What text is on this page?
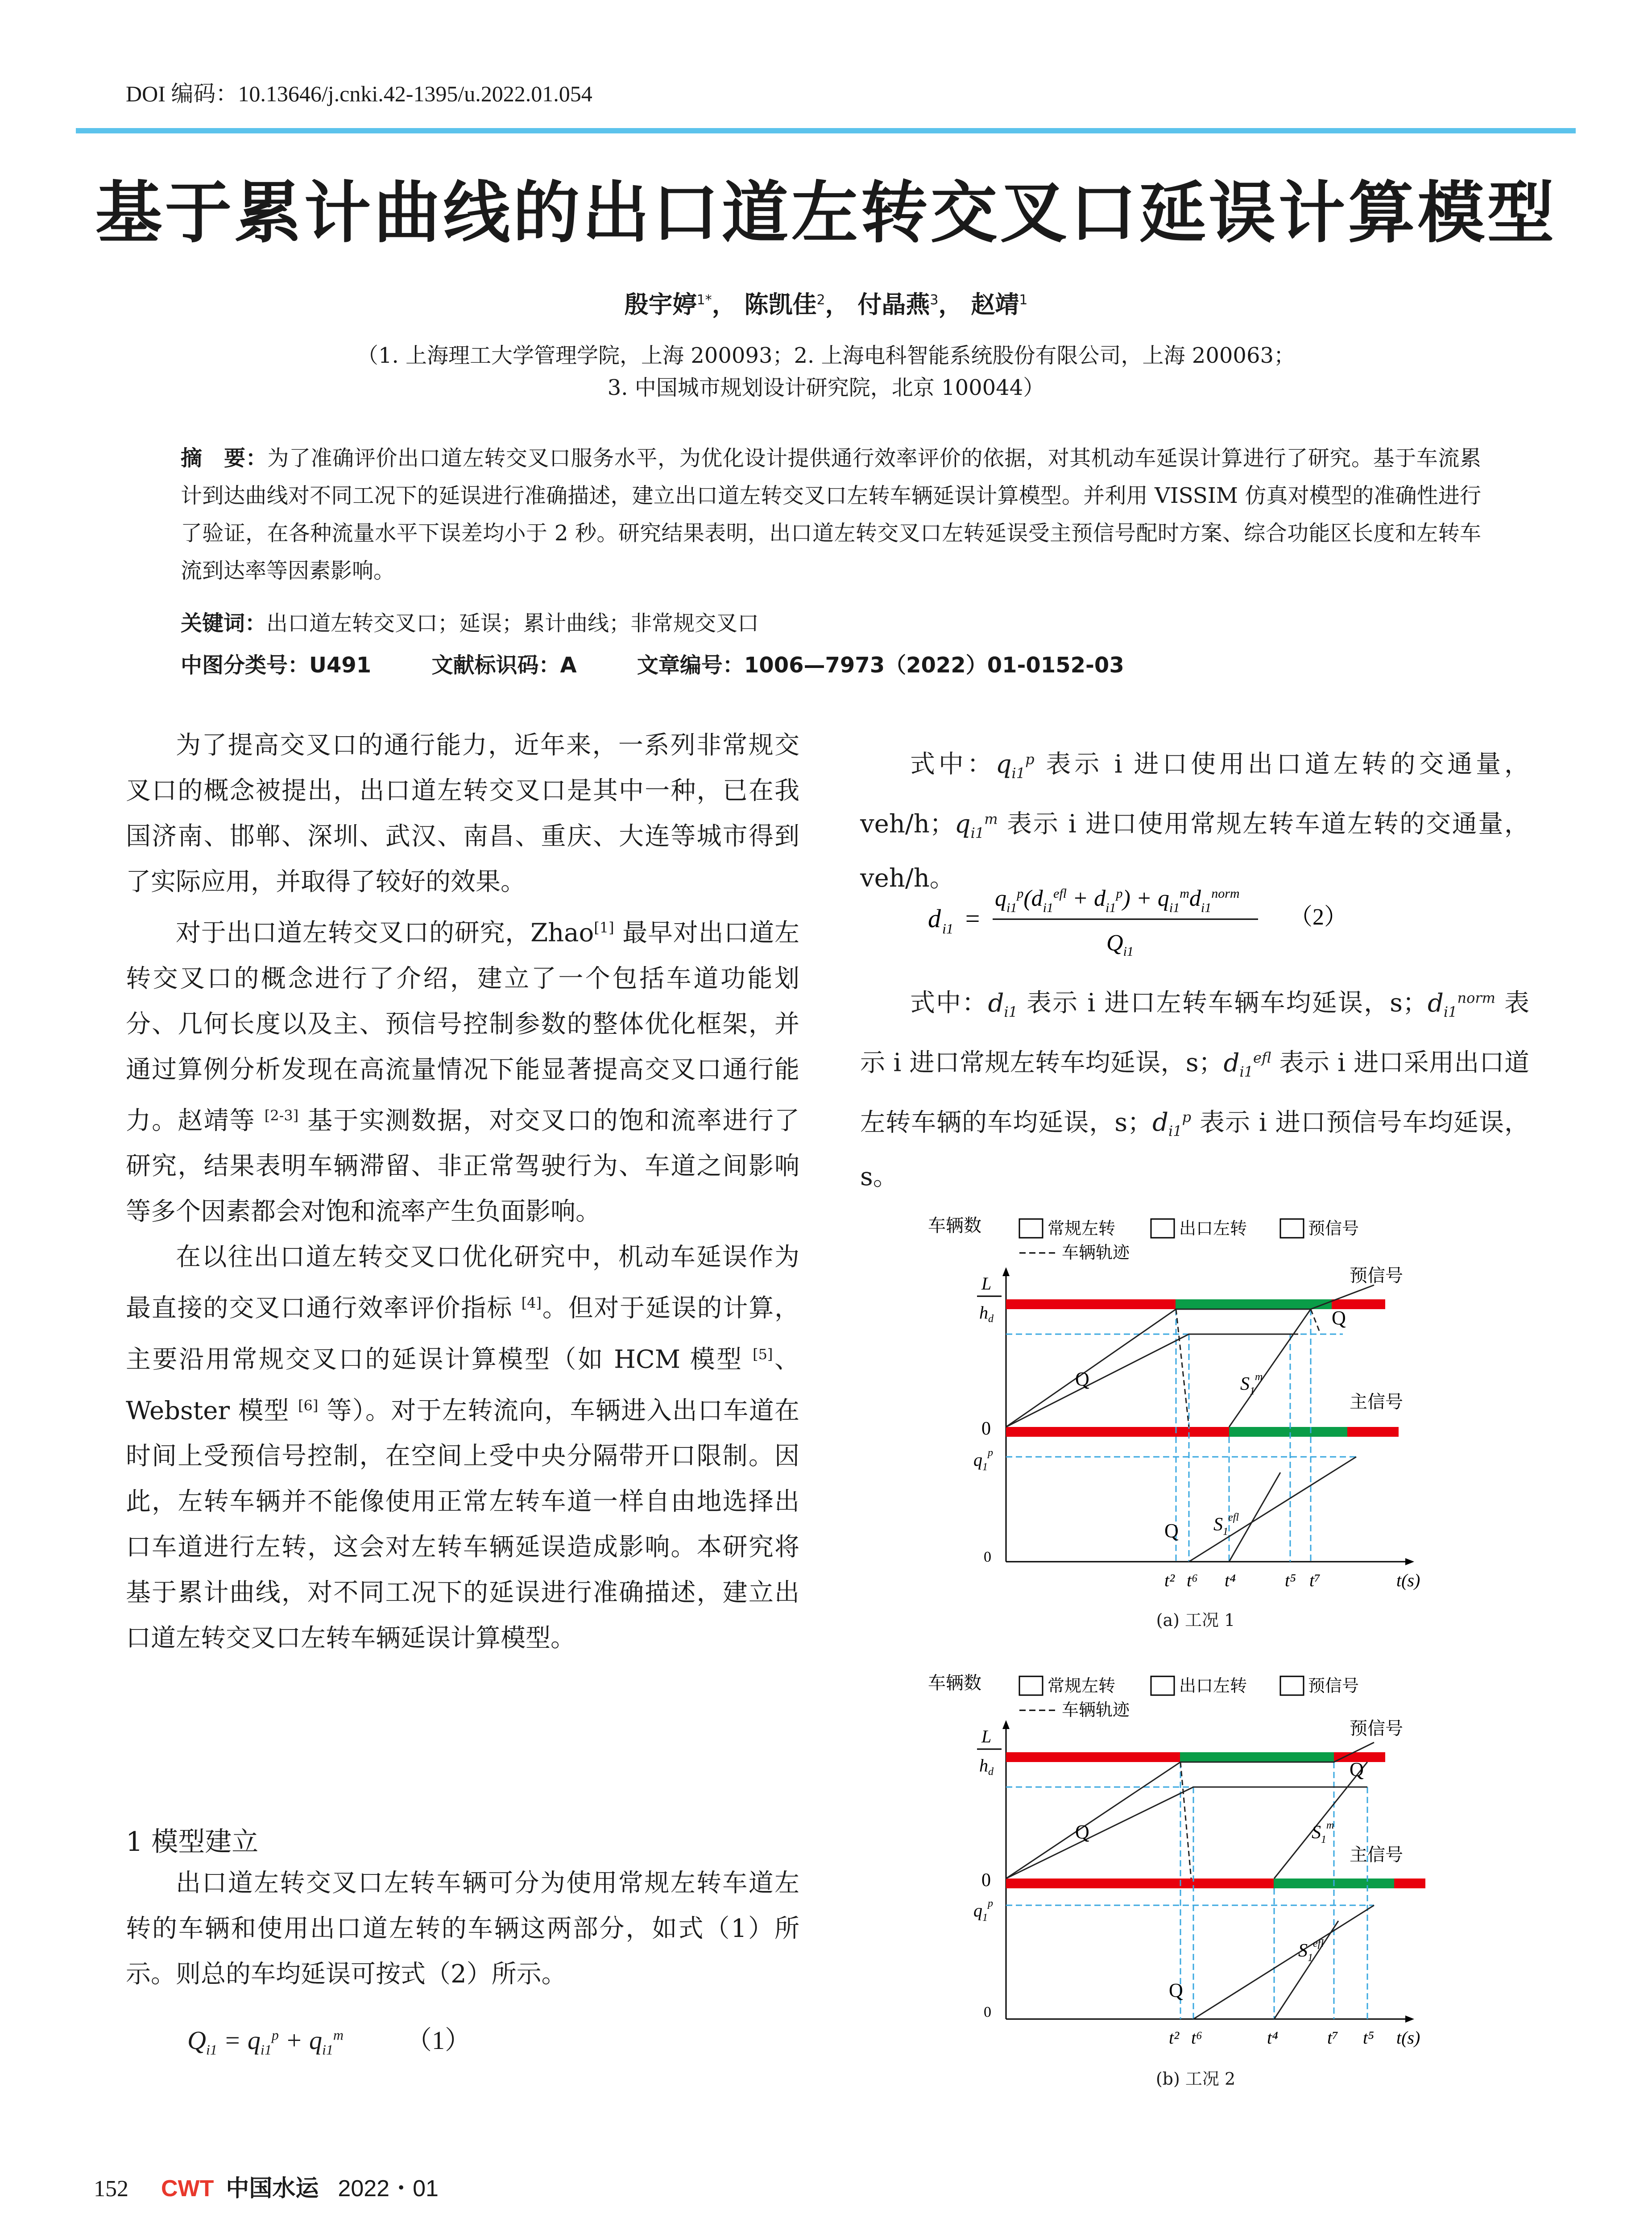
DOI 编码：10.13646/j.cnki.42-1395/u.2022.01.054
基于累计曲线的出口道左转交叉口延误计算模型
殷宇婷$^{1*}$， 陈凯佳$^2$， 付晶燕$^3$， 赵靖$^1$
（1. 上海理工大学管理学院，上海 200093；2. 上海电科智能系统股份有限公司，上海 200063；
3. 中国城市规划设计研究院，北京 100044）
摘　要：为了准确评价出口道左转交叉口服务水平，为优化设计提供通行效率评价的依据，对其机动车延误计算进行了研究。基于车流累计到达曲线对不同工况下的延误进行准确描述，建立出口道左转交叉口左转车辆延误计算模型。并利用 VISSIM 仿真对模型的准确性进行了验证，在各种流量水平下误差均小于 2 秒。研究结果表明，出口道左转交叉口左转延误受主预信号配时方案、综合功能区长度和左转车流到达率等因素影响。
关键词：出口道左转交叉口；延误；累计曲线；非常规交叉口
中图分类号：U491	文献标识码：A	文章编号：1006—7973（2022）01-0152-03

为了提高交叉口的通行能力，近年来，一系列非常规交叉口的概念被提出，出口道左转交叉口是其中一种，已在我国济南、邯郸、深圳、武汉、南昌、重庆、大连等城市得到了实际应用，并取得了较好的效果。

对于出口道左转交叉口的研究，Zhao[1] 最早对出口道左转交叉口的概念进行了介绍，建立了一个包括车道功能划分、几何长度以及主、预信号控制参数的整体优化框架，并通过算例分析发现在高流量情况下能显著提高交叉口通行能力。赵靖等 [2-3] 基于实测数据，对交叉口的饱和流率进行了研究，结果表明车辆滞留、非正常驾驶行为、车道之间影响等多个因素都会对饱和流率产生负面影响。

在以往出口道左转交叉口优化研究中，机动车延误作为最直接的交叉口通行效率评价指标 [4]。但对于延误的计算，主要沿用常规交叉口的延误计算模型（如 HCM 模型 [5]、Webster 模型 [6] 等）。对于左转流向，车辆进入出口车道在时间上受预信号控制，在空间上受中央分隔带开口限制。因此，左转车辆并不能像使用正常左转车道一样自由地选择出口车道进行左转，这会对左转车辆延误造成影响。本研究将基于累计曲线，对不同工况下的延误进行准确描述，建立出口道左转交叉口左转车辆延误计算模型。

1 模型建立

出口道左转交叉口左转车辆可分为使用常规左转车道左转的车辆和使用出口道左转的车辆这两部分，如式（1）所示。则总的车均延误可按式（2）所示。

$Q_{i1} = q_{i1}^p + q_{i1}^m$ （1）

式中：$q_{i1}^p$ 表示 i 进口使用出口道左转的交通量，veh/h；$q_{i1}^m$ 表示 i 进口使用常规左转车道左转的交通量，veh/h。

d i1 =
$q_{i1}^p(d_{i1}^{efl} + d_{i1}^p) + q_{i1}^md_{i1}^{norm}$
$Q_{i1}$
（2）

式中：$d_{i1}$ 表示 i 进口左转车辆车均延误，s；$d_{i1}^{norm}$ 表示 i 进口常规左转车均延误，s；$d_{i1}^{efl}$ 表示 i 进口采用出口道左转车辆的车均延误，s；$d_{i1}^p$ 表示 i 进口预信号车均延误，s。

车辆数	常规左转	出口左转	预信号
车辆轨迹
L
$h_d$
0
$q_1^p$
0
预信号
主信号
Q
Q
Q
$S_1^m$
$S_1^{efl}$
t² t⁶ t⁴	t⁵ t⁷	t(s)
(a) 工况 1
车辆数	常规左转	出口左转	预信号
车辆轨迹
L
$h_d$
0
$q_1^p$
0
预信号
主信号
Q
Q
Q
$S_1^m$
$S_1^{efl}$
t² t⁶	t⁴	t⁷ t⁵ t(s)
(b) 工况 2
152 CWT 中国水运 2022・01
